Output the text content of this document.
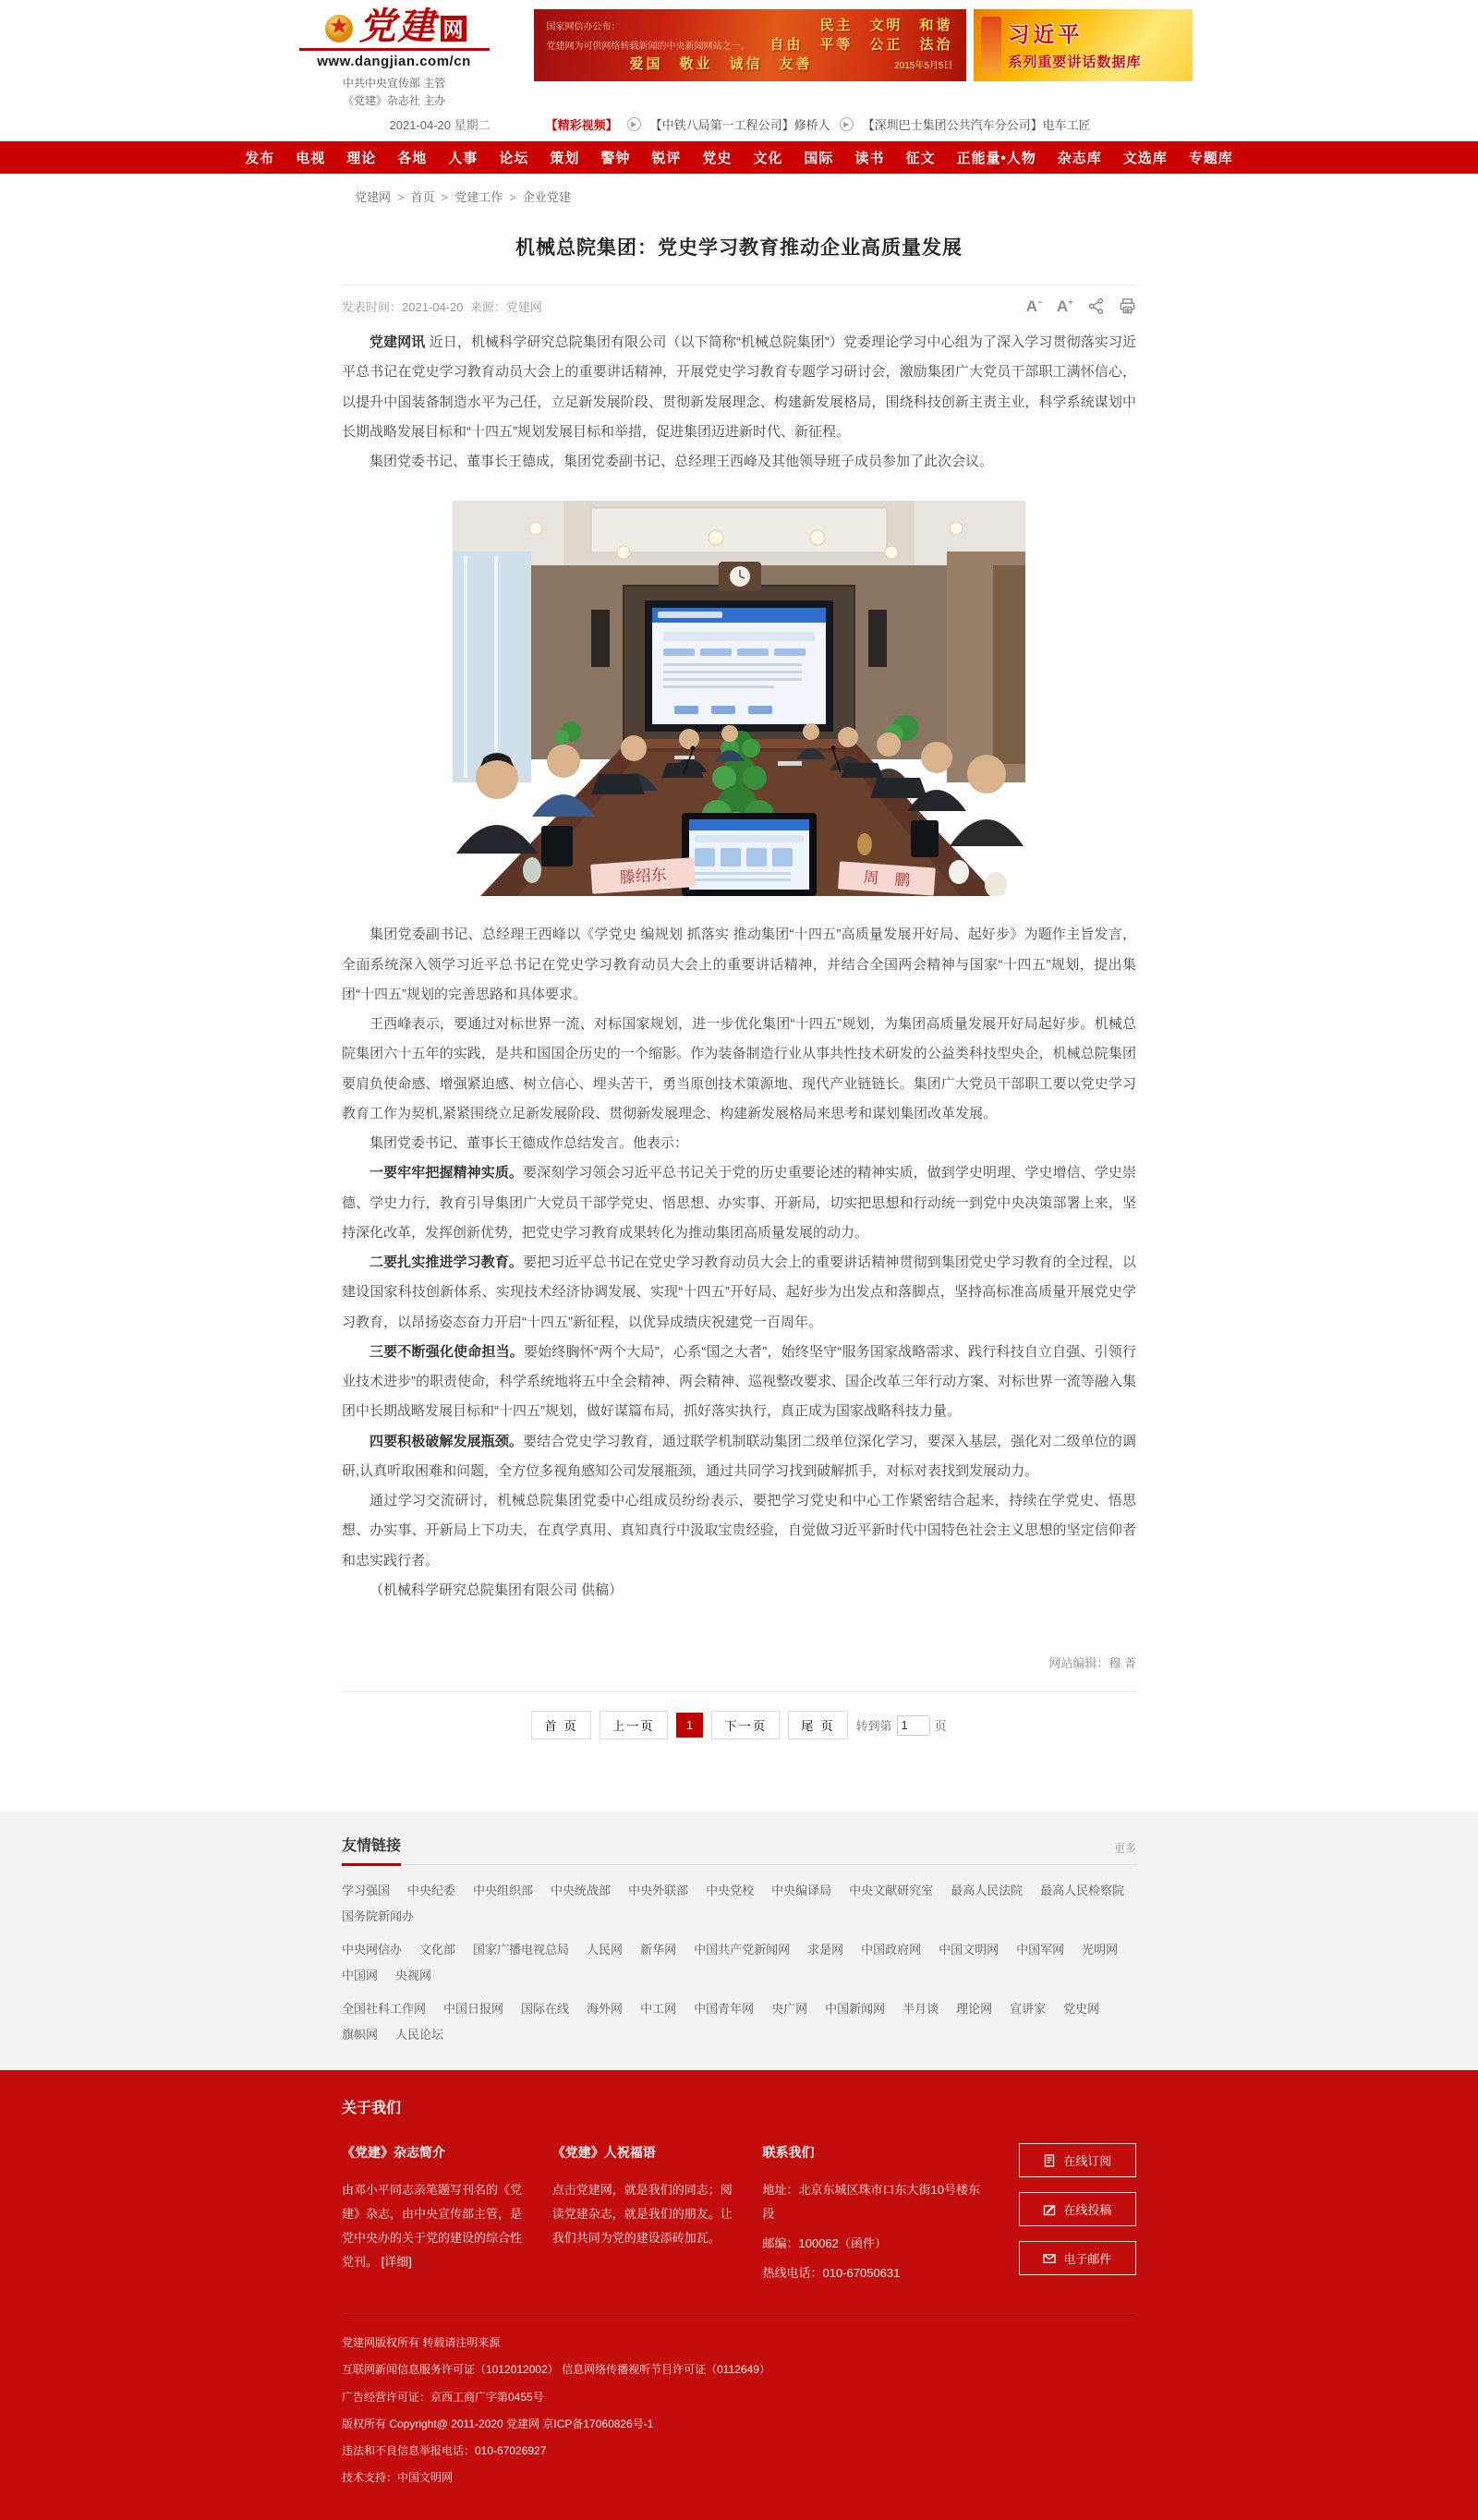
党建 网
www.dangjian.com/cn
中共中央宣传部 主管
《党建》杂志社 主办
国家网信办公布：	民主　文明　和谐
党建网为可供网络转载新闻的中央新闻网站之一。 自由　平等　公正　法治
爱国　敬业　诚信　友善	2015年5月5日
习近平
系列重要讲话数据库
2021-04-20 星期二	【精彩视频】	▶	【中铁八局第一工程公司】修桥人	▶	【深圳巴士集团公共汽车分公司】电车工匠
发布 电视 理论 各地 人事 论坛 策划 警钟 锐评 党史 文化 国际 读书 征文 正能量•人物 杂志库 文选库 专题库
党建网 > 首页 > 党建工作 > 企业党建
机械总院集团：党史学习教育推动企业高质量发展
发表时间：2021-04-20 来源：党建网	A− A+

党建网讯 近日，机械科学研究总院集团有限公司（以下简称“机械总院集团”）党委理论学习中心组为了深入学习贯彻落实习近平总书记在党史学习教育动员大会上的重要讲话精神，开展党史学习教育专题学习研讨会，激励集团广大党员干部职工满怀信心，以提升中国装备制造水平为己任，立足新发展阶段、贯彻新发展理念、构建新发展格局，围绕科技创新主责主业，科学系统谋划中长期战略发展目标和“十四五”规划发展目标和举措，促进集团迈进新时代、新征程。

集团党委书记、董事长王德成，集团党委副书记、总经理王西峰及其他领导班子成员参加了此次会议。

滕绍东	周　鹏

集团党委副书记、总经理王西峰以《学党史 编规划 抓落实 推动集团“十四五”高质量发展开好局、起好步》为题作主旨发言，全面系统深入领学习近平总书记在党史学习教育动员大会上的重要讲话精神，并结合全国两会精神与国家“十四五”规划，提出集团“十四五”规划的完善思路和具体要求。

王西峰表示，要通过对标世界一流、对标国家规划，进一步优化集团“十四五”规划，为集团高质量发展开好局起好步。机械总院集团六十五年的实践，是共和国国企历史的一个缩影。作为装备制造行业从事共性技术研发的公益类科技型央企，机械总院集团要肩负使命感、增强紧迫感、树立信心、埋头苦干，勇当原创技术策源地、现代产业链链长。集团广大党员干部职工要以党史学习教育工作为契机,紧紧围绕立足新发展阶段、贯彻新发展理念、构建新发展格局来思考和谋划集团改革发展。

集团党委书记、董事长王德成作总结发言。他表示：

一要牢牢把握精神实质。要深刻学习领会习近平总书记关于党的历史重要论述的精神实质，做到学史明理、学史增信、学史崇德、学史力行，教育引导集团广大党员干部学党史、悟思想、办实事、开新局，切实把思想和行动统一到党中央决策部署上来，坚持深化改革，发挥创新优势，把党史学习教育成果转化为推动集团高质量发展的动力。

二要扎实推进学习教育。要把习近平总书记在党史学习教育动员大会上的重要讲话精神贯彻到集团党史学习教育的全过程，以建设国家科技创新体系、实现技术经济协调发展、实现“十四五”开好局、起好步为出发点和落脚点，坚持高标准高质量开展党史学习教育，以昂扬姿态奋力开启“十四五”新征程，以优异成绩庆祝建党一百周年。

三要不断强化使命担当。要始终胸怀“两个大局”，心系“国之大者”，始终坚守“服务国家战略需求、践行科技自立自强、引领行业技术进步”的职责使命，科学系统地将五中全会精神、两会精神、巡视整改要求、国企改革三年行动方案、对标世界一流等融入集团中长期战略发展目标和“十四五”规划，做好谋篇布局，抓好落实执行，真正成为国家战略科技力量。

四要积极破解发展瓶颈。要结合党史学习教育，通过联学机制联动集团二级单位深化学习，要深入基层，强化对二级单位的调研,认真听取困难和问题，全方位多视角感知公司发展瓶颈，通过共同学习找到破解抓手，对标对表找到发展动力。

通过学习交流研讨，机械总院集团党委中心组成员纷纷表示，要把学习党史和中心工作紧密结合起来，持续在学党史、悟思想、办实事、开新局上下功夫，在真学真用、真知真行中汲取宝贵经验，自觉做习近平新时代中国特色社会主义思想的坚定信仰者和忠实践行者。

（机械科学研究总院集团有限公司 供稿）

网站编辑：穆 菁
首 页	上一页	1	下一页	尾 页	转到第
1	页
友情链接	更多
学习强国 中央纪委 中央组织部 中央统战部 中央外联部 中央党校 中央编译局 中央文献研究室 最高人民法院 最高人民检察院
国务院新闻办
中央网信办 文化部 国家广播电视总局 人民网 新华网 中国共产党新闻网 求是网 中国政府网 中国文明网 中国军网 光明网
中国网 央视网
全国社科工作网 中国日报网 国际在线 海外网 中工网 中国青年网 央广网 中国新闻网 半月谈 理论网 宣讲家 党史网
旗帜网 人民论坛
关于我们
《党建》杂志简介
由邓小平同志亲笔题写刊名的《党建》杂志，由中央宣传部主管，是党中央办的关于党的建设的综合性党刊。 [详细]
《党建》人祝福语
点击党建网，就是我们的同志；阅读党建杂志，就是我们的朋友。让我们共同为党的建设添砖加瓦。
联系我们

地址：北京东城区珠市口东大街10号楼东段

邮编：100062（函件）

热线电话：010-67050631

在线订阅
在线投稿
电子邮件

党建网版权所有 转载请注明来源

互联网新闻信息服务许可证（1012012002） 信息网络传播视听节目许可证（0112649）

广告经营许可证：京西工商广字第0455号

版权所有 Copyright@ 2011-2020 党建网 京ICP备17060826号-1

违法和不良信息举报电话：010-67026927

技术支持：中国文明网
